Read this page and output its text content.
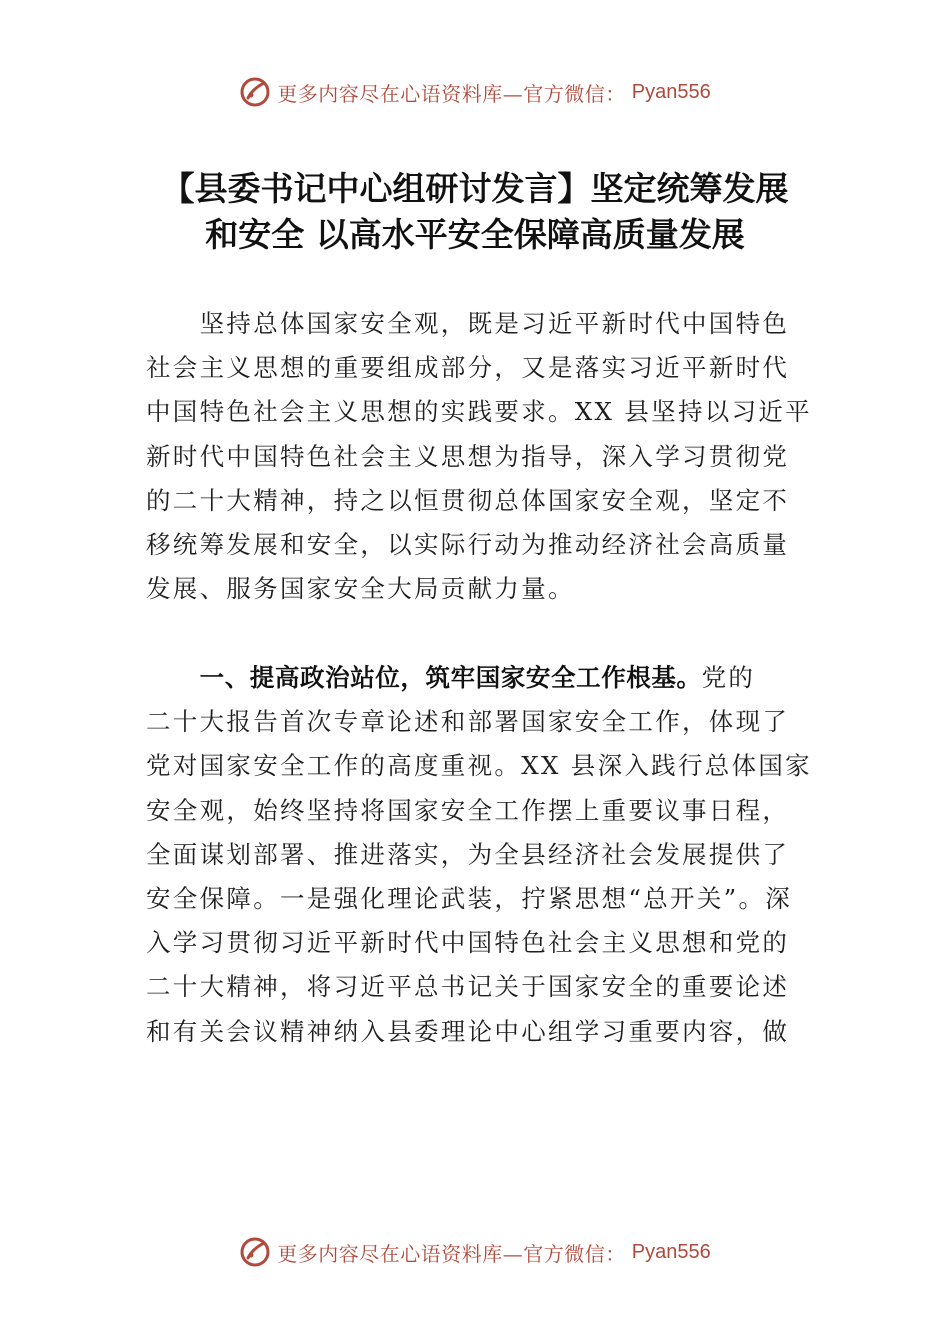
更多内容尽在心语资料库—官方微信： Pyan556
【县委书记中心组研讨发言】坚定统筹发展
和安全 以高水平安全保障高质量发展
　　坚持总体国家安全观，既是习近平新时代中国特色
社会主义思想的重要组成部分，又是落实习近平新时代
中国特色社会主义思想的实践要求。XX 县坚持以习近平
新时代中国特色社会主义思想为指导，深入学习贯彻党
的二十大精神，持之以恒贯彻总体国家安全观，坚定不
移统筹发展和安全，以实际行动为推动经济社会高质量
发展、服务国家安全大局贡献力量。
　　一、提高政治站位，筑牢国家安全工作根基。党的
二十大报告首次专章论述和部署国家安全工作，体现了
党对国家安全工作的高度重视。XX 县深入践行总体国家
安全观，始终坚持将国家安全工作摆上重要议事日程，
全面谋划部署、推进落实，为全县经济社会发展提供了
安全保障。一是强化理论武装，拧紧思想“总开关”。深
入学习贯彻习近平新时代中国特色社会主义思想和党的
二十大精神，将习近平总书记关于国家安全的重要论述
和有关会议精神纳入县委理论中心组学习重要内容，做
更多内容尽在心语资料库—官方微信： Pyan556
